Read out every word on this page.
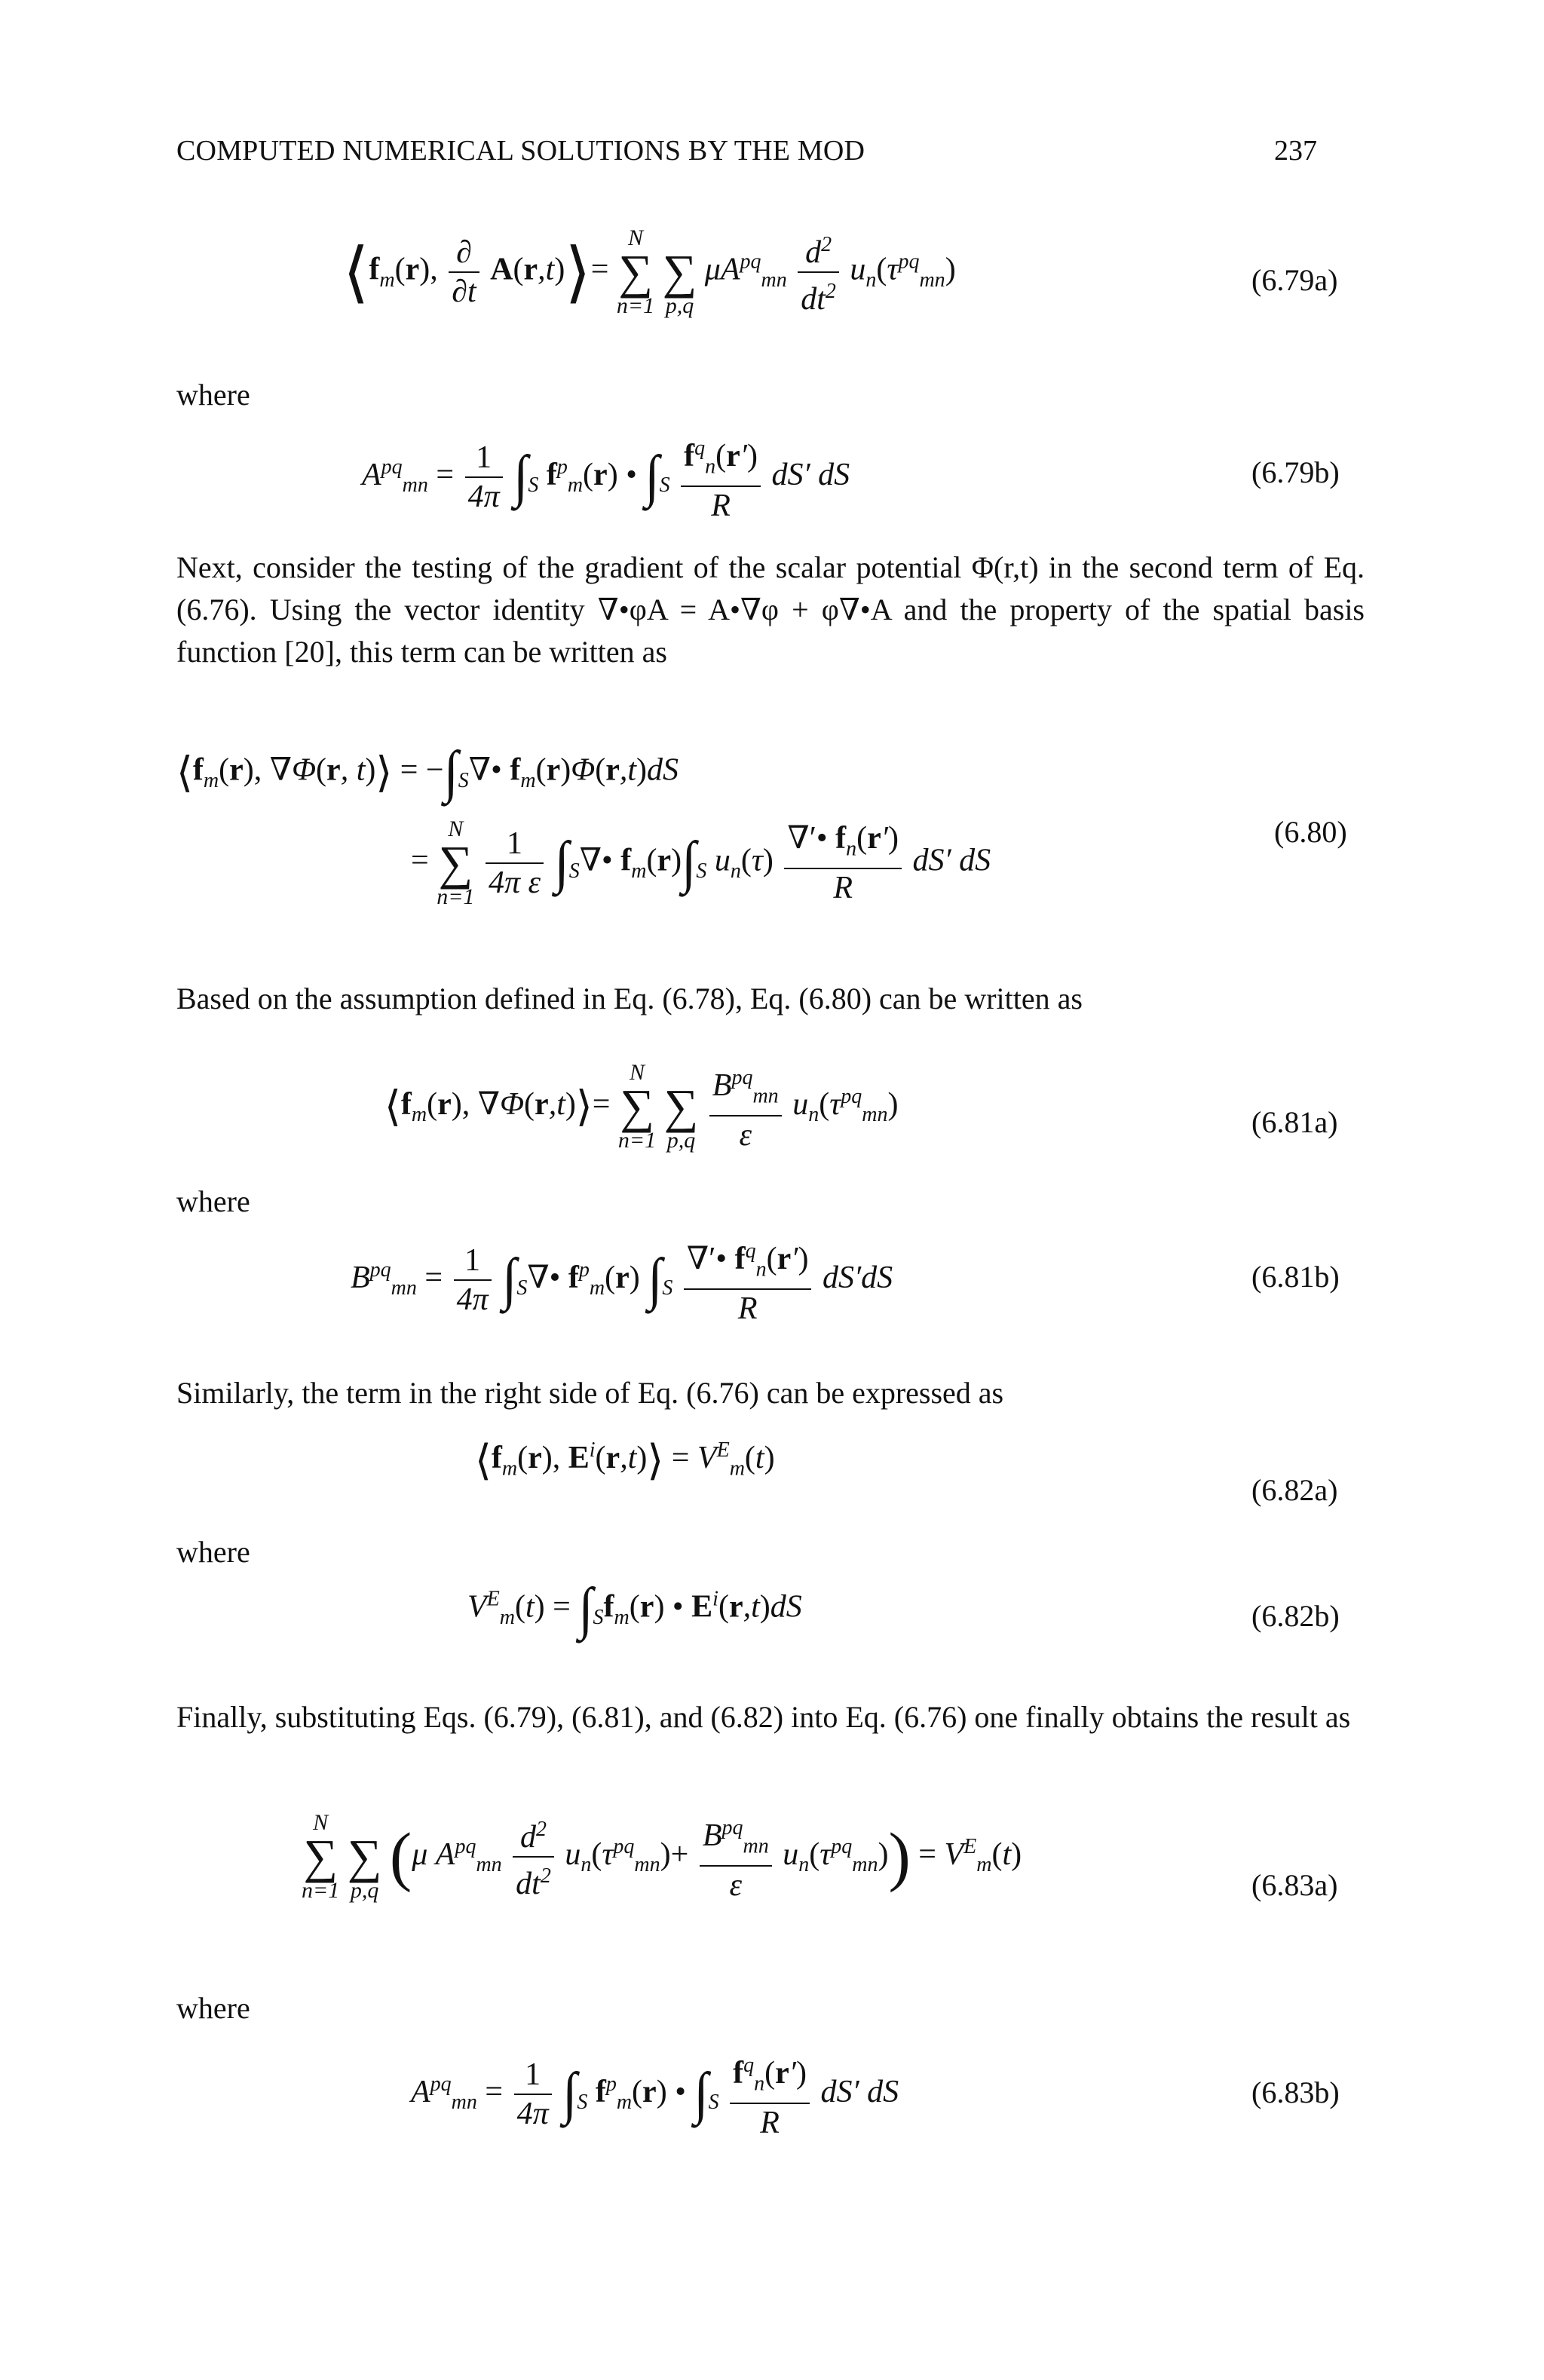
COMPUTED NUMERICAL SOLUTIONS BY THE MOD	237
$⟨f_m(r)$, $\frac{\partial}{\partial t}$ A(r,t)⟩=
N
∑
n=1

∑
p,q
$\mu A^{pq}_{mn} \frac{d^2}{dt^2} u_n(\tau^{pq}_{mn})$	(6.79a)
where
$A^{pq}_{mn} = \frac{1}{4\pi} \int_S$ $f^p_m(r)$ • $\int_S \frac{f^q_n(r')}{R} dS'$ dS	(6.79b)

Next, consider the testing of the gradient of the scalar potential Φ(r,t) in the second term of Eq. (6.76). Using the vector identity ∇•φA = A•∇φ + φ∇•A and the property of the spatial basis function [20], this term can be written as

$⟨f_m(r)$, ∇Φ(r, t)⟩ = $-\int_S\nabla•$ $f_m(r)\Phi(r,t)dS$
=
N
∑
n=1
$\frac{1}{\text{4π ε}}$ $\int_S\nabla•$ $f_m(r)\int_S$ $u_n(\tau) \frac{\nabla'• f_n(r')}{R} dS'$ dS
(6.80)

Based on the assumption defined in Eq. (6.78), Eq. (6.80) can be written as

$⟨f_m(r)$, ∇Φ(r,t)⟩=
N
∑
n=1

∑
p,q
$\frac{B^{pq}_{mn}}{\varepsilon} u_n(\tau^{pq}_{mn})$
(6.81a)
where
$B^{pq}_{mn} = \frac{1}{4\pi}$ $\int_S\nabla•$ $f^p_m(r)$ $\int_S \frac{\nabla'• f^q_n(r')}{R} dS'dS$	(6.81b)

Similarly, the term in the right side of Eq. (6.76) can be expressed as

$⟨f_m(r)$, $E^i(r,t)⟩ = V^E_m(t)$
(6.82a)
where
$V^E_m(t) = \int_Sf_m(r)$ • $E^i(r,t)dS$	(6.82b)

Finally, substituting Eqs. (6.79), (6.81), and (6.82) into Eq. (6.76) one finally obtains the result as

N
∑
n=1

∑
p,q (μ $A^{pq}_{mn} \frac{d^2}{dt^2} u_n(\tau^{pq}_{mn})+ \frac{B^{pq}_{mn}}{\varepsilon} u_n(\tau^{pq}_{mn})) = V^E_m(t)$
(6.83a)
where
$A^{pq}_{mn} = \frac{1}{4\pi} \int_S$ $f^p_m(r)$ • $\int_S \frac{f^q_n(r')}{R} dS'$ dS	(6.83b)
